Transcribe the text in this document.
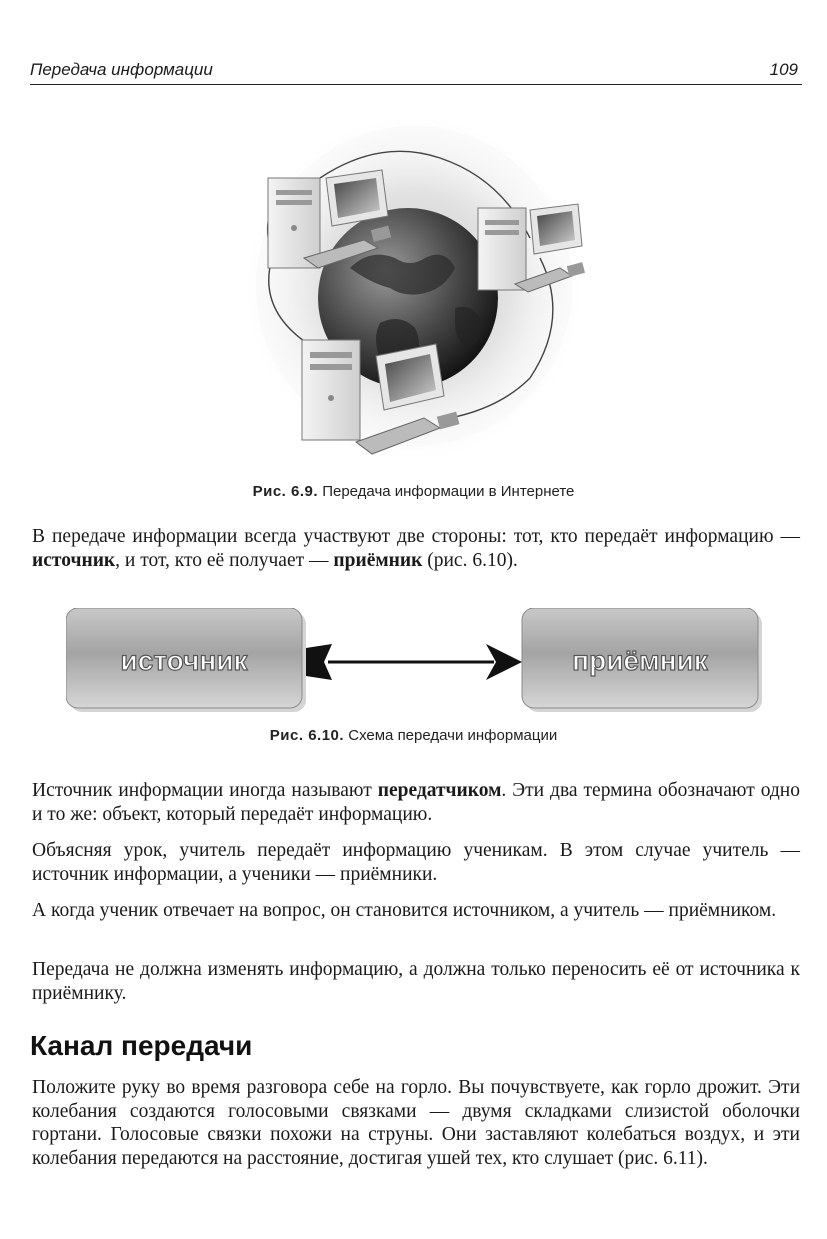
Передача информации	109
Рис. 6.9. Передача информации в Интернете

В передаче информации всегда участвуют две стороны: тот, кто передаёт информацию — источник, и тот, кто её получает — приёмник (рис. 6.10).

источник	приёмник
Рис. 6.10. Схема передачи информации

Источник информации иногда называют передатчиком. Эти два термина обозначают одно и то же: объект, который передаёт информацию.

Объясняя урок, учитель передаёт информацию ученикам. В этом случае учитель — источник информации, а ученики — приёмники.

А когда ученик отвечает на вопрос, он становится источником, а учитель — приёмником.

Передача не должна изменять информацию, а должна только переносить её от источника к приёмнику.

Канал передачи

Положите руку во время разговора себе на горло. Вы почувствуете, как горло дрожит. Эти колебания создаются голосовыми связками — двумя складками слизистой оболочки гортани. Голосовые связки похожи на струны. Они заставляют колебаться воздух, и эти колебания передаются на расстояние, достигая ушей тех, кто слушает (рис. 6.11).
